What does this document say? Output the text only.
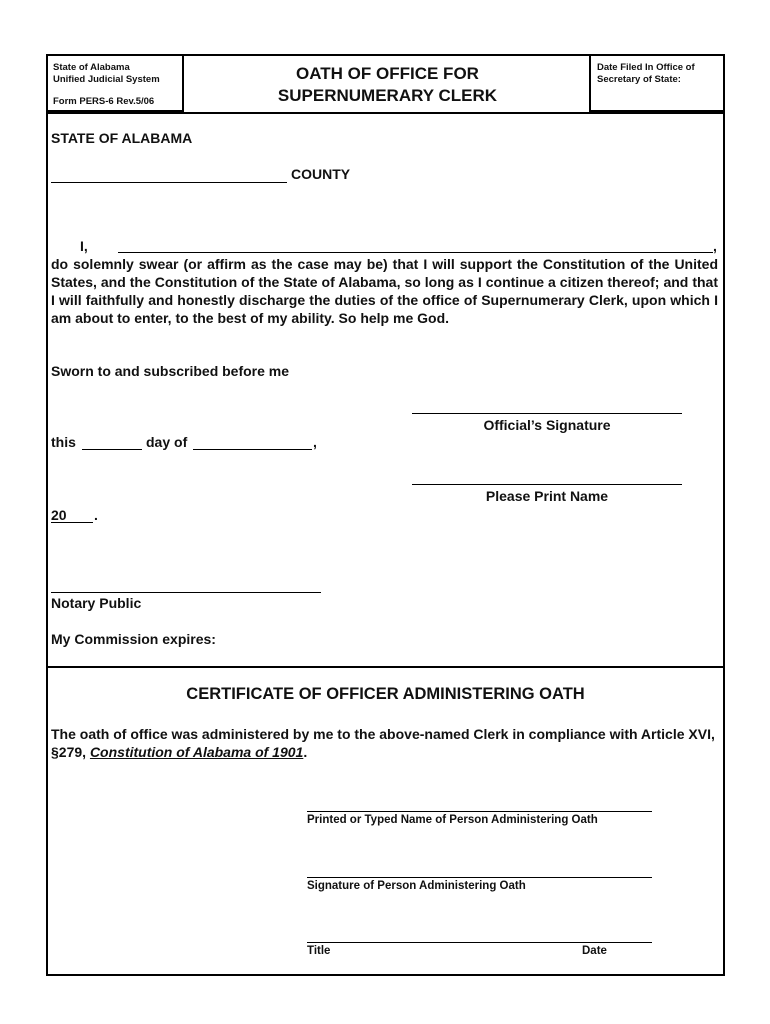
State of Alabama
Unified Judicial System
Form PERS-6 Rev.5/06
OATH OF OFFICE FOR
SUPERNUMERARY CLERK
Date Filed In Office of
Secretary of State:
STATE OF ALABAMA
COUNTY
I,	,
do solemnly swear (or affirm as the case may be) that I will support the Constitution of the United States, and the Constitution of the State of Alabama, so long as I continue a citizen thereof; and that I will faithfully and honestly discharge the duties of the office of Supernumerary Clerk, upon which I am about to enter, to the best of my ability. So help me God.
Sworn to and subscribed before me
Official’s Signature
this	day of	,
Please Print Name
20 .
Notary Public
My Commission expires:
CERTIFICATE OF OFFICER ADMINISTERING OATH
The oath of office was administered by me to the above-named Clerk in compliance with Article XVI, §279, Constitution of Alabama of 1901.
Printed or Typed Name of Person Administering Oath
Signature of Person Administering Oath
Title	Date
